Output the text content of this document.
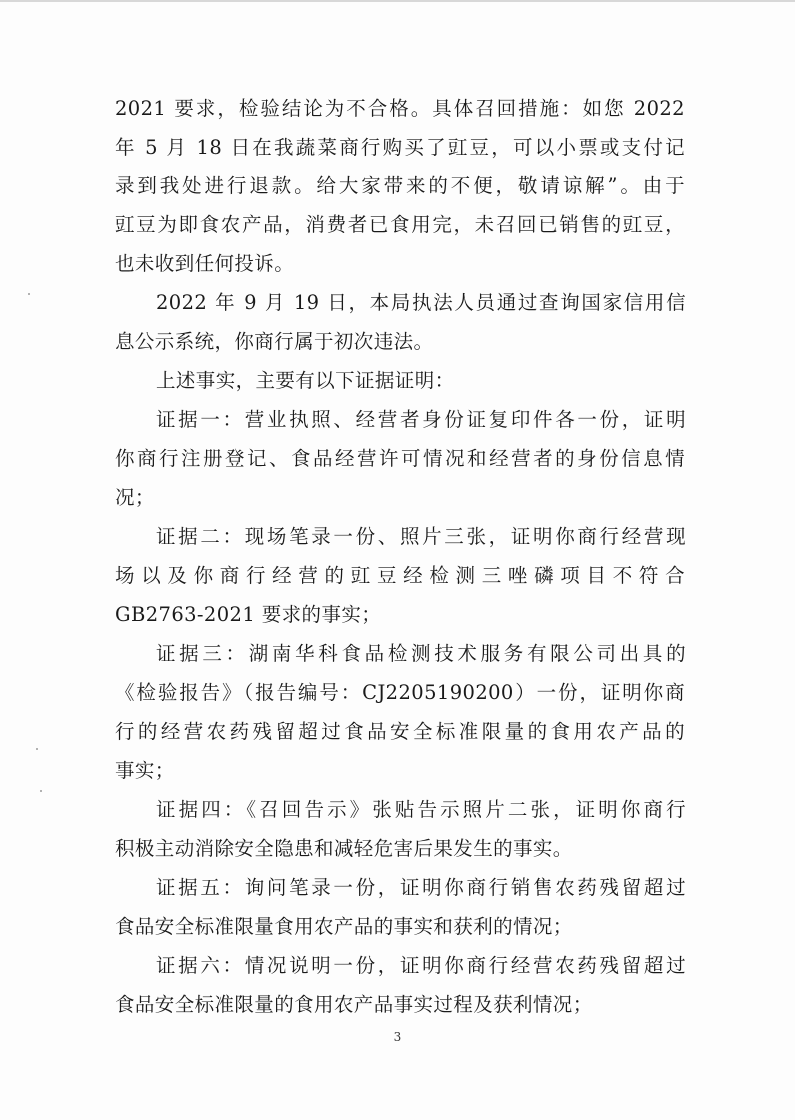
2021 要求，检验结论为不合格。具体召回措施：如您 2022
年 5 月 18 日在我蔬菜商行购买了豇豆，可以小票或支付记
录到我处进行退款。给大家带来的不便，敬请谅解”。由于
豇豆为即食农产品，消费者已食用完，未召回已销售的豇豆，
也未收到任何投诉。
2022 年 9 月 19 日，本局执法人员通过查询国家信用信
息公示系统，你商行属于初次违法。
上述事实，主要有以下证据证明：
证据一：营业执照、经营者身份证复印件各一份，证明
你商行注册登记、食品经营许可情况和经营者的身份信息情
况；
证据二：现场笔录一份、照片三张，证明你商行经营现
场以及你商行经营的豇豆经检测三唑磷项目不符合
GB2763-2021 要求的事实；
证据三：湖南华科食品检测技术服务有限公司出具的
《检验报告》（报告编号：CJ2205190200）一份，证明你商
行的经营农药残留超过食品安全标准限量的食用农产品的
事实；
证据四：《召回告示》张贴告示照片二张，证明你商行
积极主动消除安全隐患和减轻危害后果发生的事实。
证据五：询问笔录一份，证明你商行销售农药残留超过
食品安全标准限量食用农产品的事实和获利的情况；
证据六：情况说明一份，证明你商行经营农药残留超过
食品安全标准限量的食用农产品事实过程及获利情况；
3
